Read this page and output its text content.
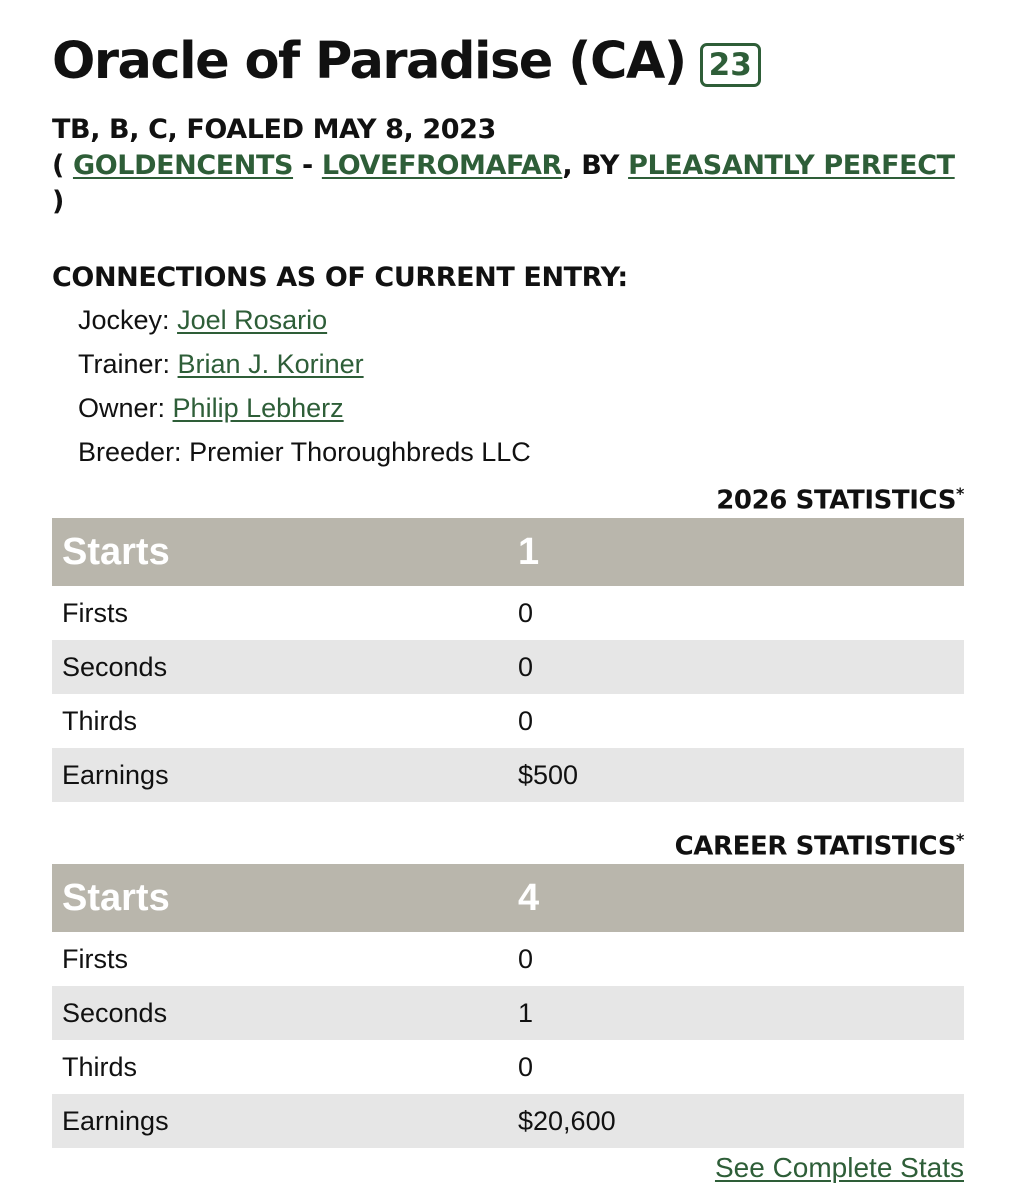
Oracle of Paradise (CA) 23
TB, B, C, FOALED MAY 8, 2023
( GOLDENCENTS - LOVEFROMAFAR, BY PLEASANTLY PERFECT )
CONNECTIONS AS OF CURRENT ENTRY:
Jockey: Joel Rosario
Trainer: Brian J. Koriner
Owner: Philip Lebherz
Breeder: Premier Thoroughbreds LLC
2026 STATISTICS*
Starts	1
Firsts	0
Seconds	0
Thirds	0
Earnings	$500
CAREER STATISTICS*
Starts	4
Firsts	0
Seconds	1
Thirds	0
Earnings	$20,600
See Complete Stats
